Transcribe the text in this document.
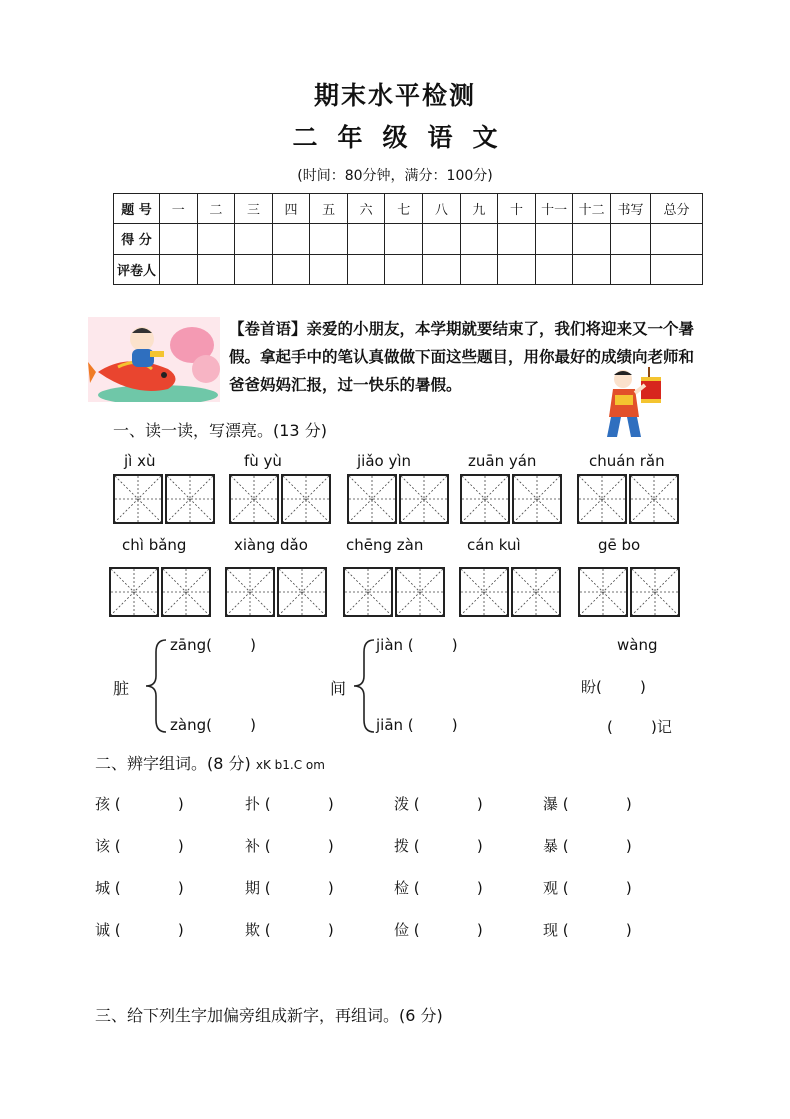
期末水平检测
二 年 级 语 文
(时间：80分钟，满分：100分)
题 号	一	二	三	四	五	六	七	八	九	十	十一	十二	书写	总分
得 分														
评卷人														
【卷首语】亲爱的小朋友，本学期就要结束了，我们将迎来又一个暑假。拿起手中的笔认真做做下面这些题目，用你最好的成绩向老师和爸爸妈妈汇报，过一快乐的暑假。
一、读一读，写漂亮。(13 分)
jì xù	fù yù	jiǎo yìn	zuān yán	chuán rǎn
chì bǎng	xiàng dǎo	chēng zàn	cán kuì	gē bo
脏
zāng(        )
zàng(        )
间
jiàn (        )
jiān (        )
wàng
盼(        )
(        )记
二、辨字组词。(8 分) xK b1.C om
孩 (            )	扑 (            )	泼 (            )	瀑 (            )
该 (            )	补 (            )	拨 (            )	暴 (            )
城 (            )	期 (            )	检 (            )	观 (            )
诚 (            )	欺 (            )	俭 (            )	现 (            )
三、给下列生字加偏旁组成新字，再组词。(6 分)
